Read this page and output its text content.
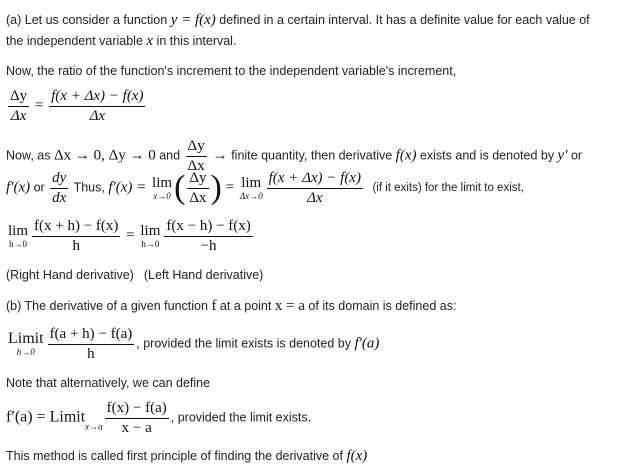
(a) Let us consider a function y = f(x) defined in a certain interval. It has a definite value for each value of
the independent variable x in this interval.
Now, the ratio of the function's increment to the independent variable's increment,
$\frac{\Delta y}{\Delta x} = \frac{f(x + \Delta x) - f(x)}{\Delta x}$
Now, as Δx → 0, Δy → 0 and $\frac{\Delta y}{\Delta x}$ → finite quantity, then derivative f(x) exists and is denoted by y′ or
f′(x) or $\frac{dy}{dx}$ Thus, f′(x) = lim
x→0 ( $\frac{\Delta y}{\Delta x}$ ) = lim
$\Delta x\to 0 \frac{f(x + \Delta x) - f(x)}{\Delta x} (if$ it exits) for the limit to exist,
lim
$h\to 0 \frac{f(x + h) - f(x)}{h} = \lim$
$h\to 0 \frac{f(x - h) - f(x)}{-h}$
(Right Hand derivative) (Left Hand derivative)
(b) The derivative of a given function f at a point x = a of its domain is defined as:
Limit
$h\to 0 \frac{f(a + h) - f(a)}{h}$ , provided the limit exists is denoted by f′(a)
Note that alternatively, we can define
f′(a) = Limit$_{x\to a}$ $\frac{f(x) - f(a)}{x - a}$ , provided the limit exists.
This method is called first principle of finding the derivative of f(x)
